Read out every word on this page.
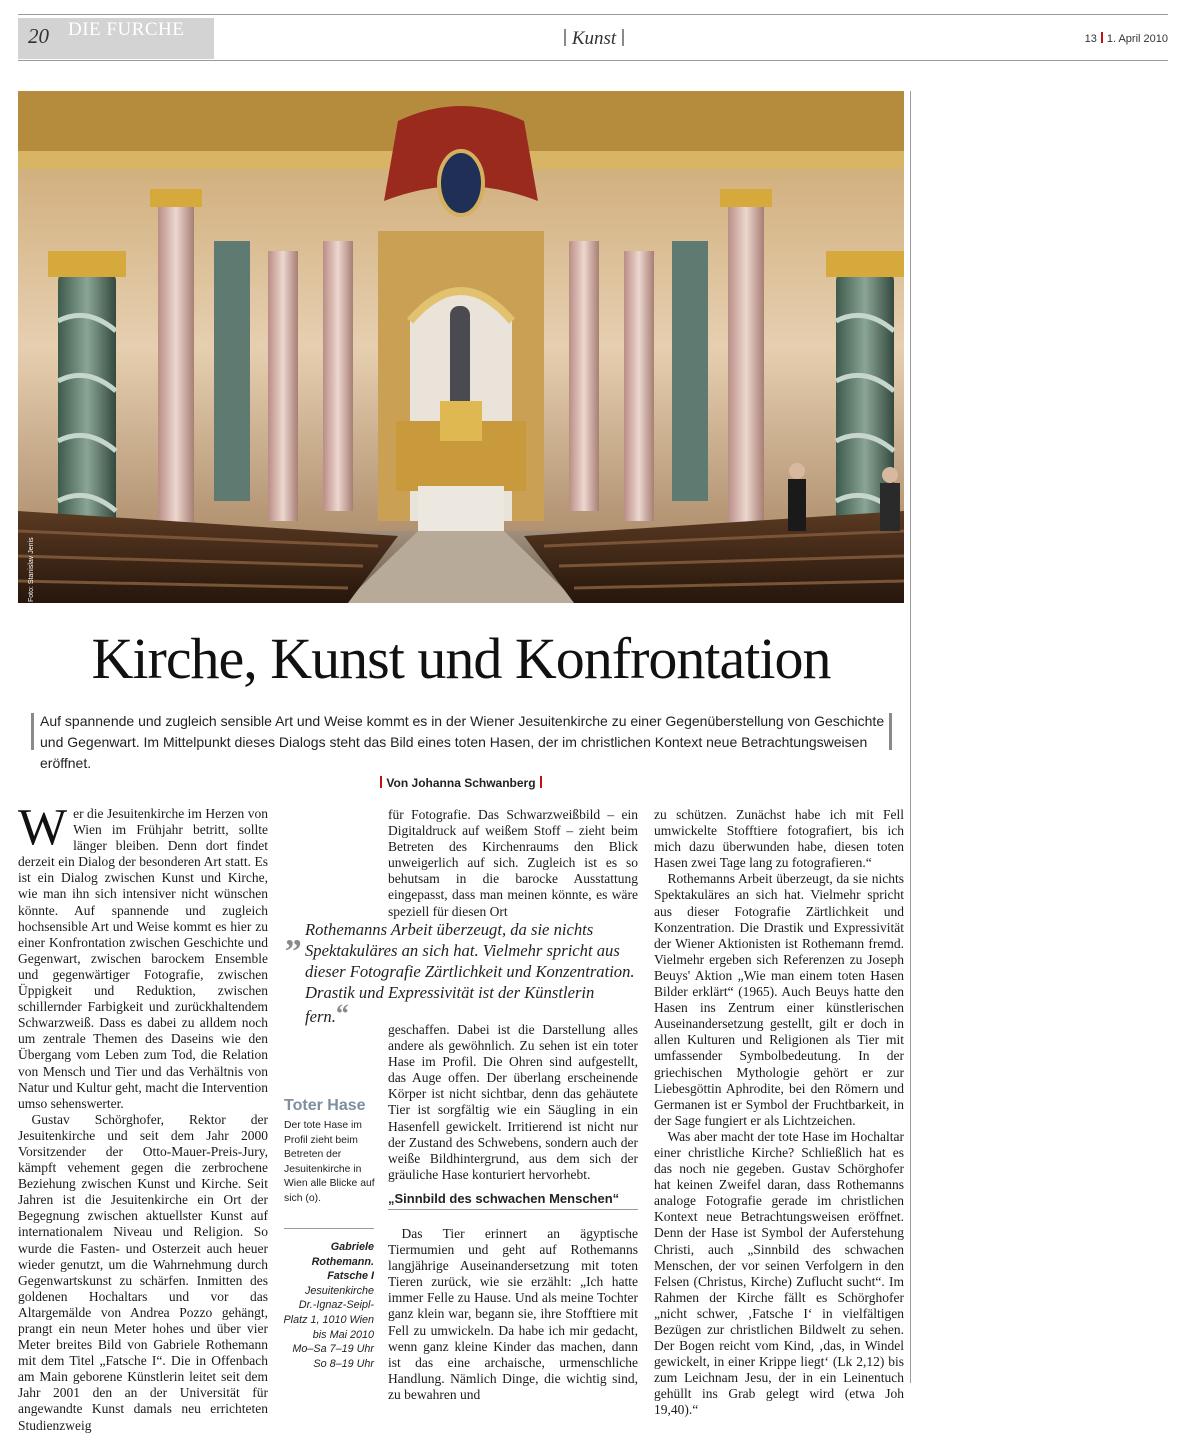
20 DIE FURCHE	Kunst	13 1. April 2010
Foto: Stanislav Jenis
Kirche, Kunst und Konfrontation
Auf spannende und zugleich sensible Art und Weise kommt es in der Wiener Jesuitenkirche zu einer Gegenüberstellung von Geschichte und Gegenwart. Im Mittelpunkt dieses Dialogs steht das Bild eines toten Hasen, der im christlichen Kontext neue Betrachtungsweisen eröffnet.
Von Johanna Schwanberg

Wer die Jesuitenkirche im Herzen von Wien im Frühjahr betritt, sollte länger bleiben. Denn dort findet derzeit ein Dialog der besonderen Art statt. Es ist ein Dialog zwischen Kunst und Kirche, wie man ihn sich intensiver nicht wünschen könnte. Auf spannende und zugleich hochsensible Art und Weise kommt es hier zu einer Konfrontation zwischen Geschichte und Gegenwart, zwischen barockem Ensemble und gegenwärtiger Fotografie, zwischen Üppigkeit und Reduktion, zwischen schillernder Farbigkeit und zurückhaltendem Schwarzweiß. Dass es dabei zu alldem noch um zentrale Themen des Daseins wie den Übergang vom Leben zum Tod, die Relation von Mensch und Tier und das Verhältnis von Natur und Kultur geht, macht die Intervention umso sehenswerter.

Gustav Schörghofer, Rektor der Jesuitenkirche und seit dem Jahr 2000 Vorsitzender der Otto-Mauer-Preis-Jury, kämpft vehement gegen die zerbrochene Beziehung zwischen Kunst und Kirche. Seit Jahren ist die Jesuitenkirche ein Ort der Begegnung zwischen aktuellster Kunst auf internationalem Niveau und Religion. So wurde die Fasten- und Osterzeit auch heuer wieder genutzt, um die Wahrnehmung durch Gegenwartskunst zu schärfen. Inmitten des goldenen Hochaltars und vor das Altargemälde von Andrea Pozzo gehängt, prangt ein neun Meter hohes und über vier Meter breites Bild von Gabriele Rothemann mit dem Titel „Fatsche I“. Die in Offenbach am Main geborene Künstlerin leitet seit dem Jahr 2001 den an der Universität für angewandte Kunst damals neu errichteten Studienzweig

für Fotografie. Das Schwarzweißbild – ein Digitaldruck auf weißem Stoff – zieht beim Betreten des Kirchenraums den Blick unweigerlich auf sich. Zugleich ist es so behutsam in die barocke Ausstattung eingepasst, dass man meinen könnte, es wäre speziell für diesen Ort

„ Rothemanns Arbeit überzeugt, da sie nichts Spektakuläres an sich hat. Vielmehr spricht aus dieser Fotografie Zärtlichkeit und Konzentration. Drastik und Expressivität ist der Künstlerin fern.“

geschaffen. Dabei ist die Darstellung alles andere als gewöhnlich. Zu sehen ist ein toter Hase im Profil. Die Ohren sind aufgestellt, das Auge offen. Der überlang erscheinende Körper ist nicht sichtbar, denn das gehäutete Tier ist sorgfältig wie ein Säugling in ein Hasenfell gewickelt. Irritierend ist nicht nur der Zustand des Schwebens, sondern auch der weiße Bildhintergrund, aus dem sich der gräuliche Hase konturiert hervorhebt.

„Sinnbild des schwachen Menschen“

Das Tier erinnert an ägyptische Tiermumien und geht auf Rothemanns langjährige Auseinandersetzung mit toten Tieren zurück, wie sie erzählt: „Ich hatte immer Felle zu Hause. Und als meine Tochter ganz klein war, begann sie, ihre Stofftiere mit Fell zu umwickeln. Da habe ich mir gedacht, wenn ganz kleine Kinder das machen, dann ist das eine archaische, urmenschliche Handlung. Nämlich Dinge, die wichtig sind, zu bewahren und

Toter Hase
Der tote Hase im Profil zieht beim Betreten der Jesuitenkirche in Wien alle Blicke auf sich (o).
Gabriele Rothemann. Fatsche I
Jesuitenkirche
Dr.-Ignaz-Seipl-
Platz 1, 1010 Wien
bis Mai 2010
Mo–Sa 7–19 Uhr
So 8–19 Uhr

zu schützen. Zunächst habe ich mit Fell umwickelte Stofftiere fotografiert, bis ich mich dazu überwunden habe, diesen toten Hasen zwei Tage lang zu fotografieren.“

Rothemanns Arbeit überzeugt, da sie nichts Spektakuläres an sich hat. Vielmehr spricht aus dieser Fotografie Zärtlichkeit und Konzentration. Die Drastik und Expressivität der Wiener Aktionisten ist Rothemann fremd. Vielmehr ergeben sich Referenzen zu Joseph Beuys' Aktion „Wie man einem toten Hasen Bilder erklärt“ (1965). Auch Beuys hatte den Hasen ins Zentrum einer künstlerischen Auseinandersetzung gestellt, gilt er doch in allen Kulturen und Religionen als Tier mit umfassender Symbolbedeutung. In der griechischen Mythologie gehört er zur Liebesgöttin Aphrodite, bei den Römern und Germanen ist er Symbol der Fruchtbarkeit, in der Sage fungiert er als Lichtzeichen.

Was aber macht der tote Hase im Hochaltar einer christliche Kirche? Schließlich hat es das noch nie gegeben. Gustav Schörghofer hat keinen Zweifel daran, dass Rothemanns analoge Fotografie gerade im christlichen Kontext neue Betrachtungsweisen eröffnet. Denn der Hase ist Symbol der Auferstehung Christi, auch „Sinnbild des schwachen Menschen, der vor seinen Verfolgern in den Felsen (Christus, Kirche) Zuflucht sucht“. Im Rahmen der Kirche fällt es Schörghofer „nicht schwer, ‚Fatsche I‘ in vielfältigen Bezügen zur christlichen Bildwelt zu sehen. Der Bogen reicht vom Kind, ‚das, in Windel gewickelt, in einer Krippe liegt‘ (Lk 2,12) bis zum Leichnam Jesu, der in ein Leinentuch gehüllt ins Grab gelegt wird (etwa Joh 19,40).“
